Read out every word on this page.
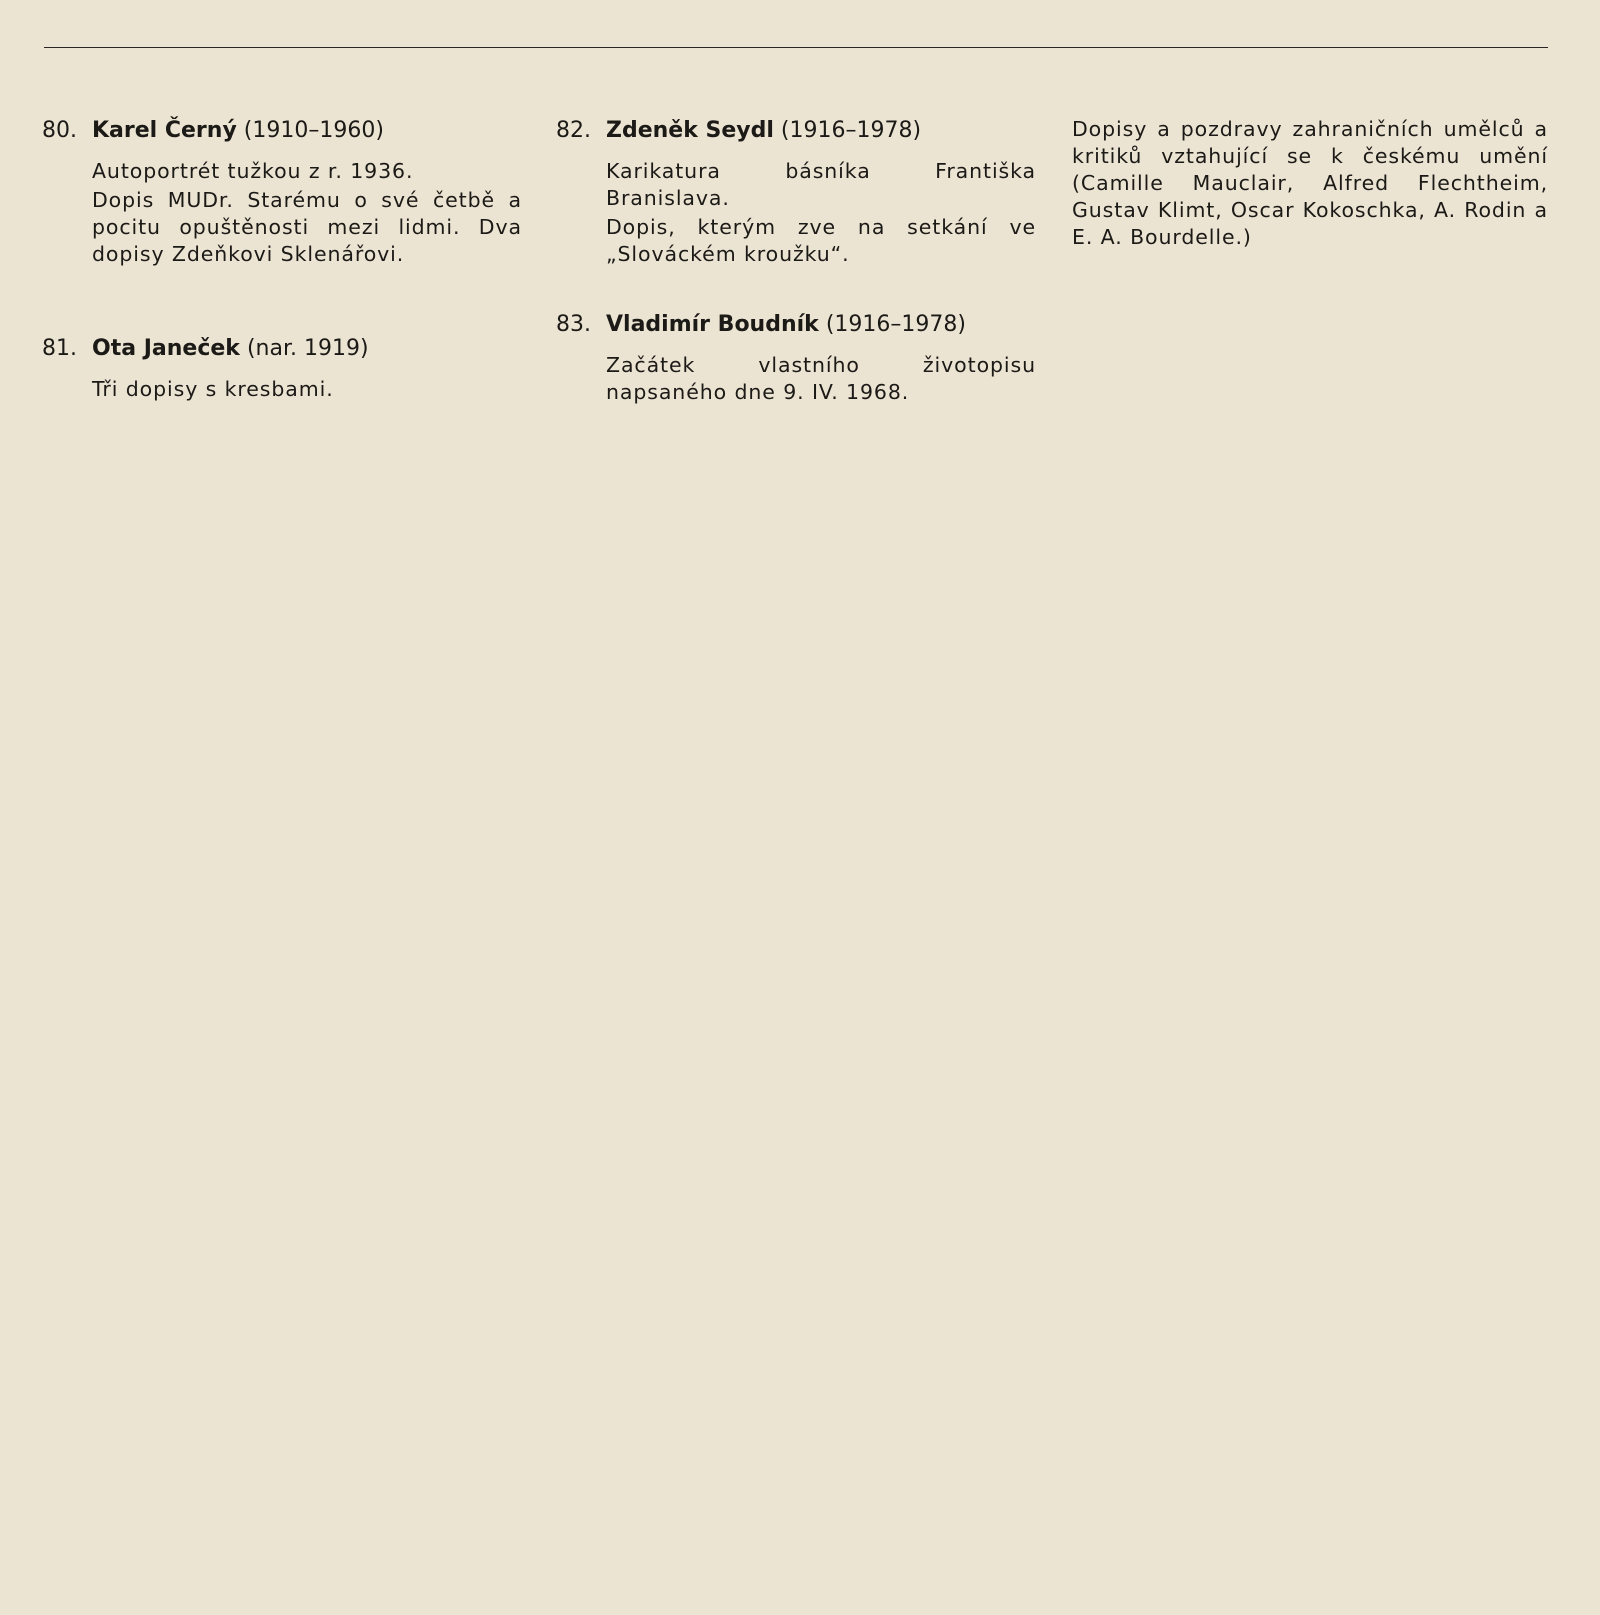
80. Karel Černý (1910–1960)

Autoportrét tužkou z r. 1936.

Dopis MUDr. Starému o své četbě a pocitu opuštěnosti mezi lidmi. Dva dopisy Zdeňkovi Sklenářovi.

81. Ota Janeček (nar. 1919)

Tři dopisy s kresbami.

82. Zdeněk Seydl (1916–1978)

Karikatura básníka Františka Branislava.

Dopis, kterým zve na setkání ve „Slováckém kroužku“.

83. Vladimír Boudník (1916–1978)

Začátek vlastního životopisu napsaného dne 9. IV. 1968.

Dopisy a pozdravy zahraničních umělců a kritiků vztahující se k českému umění (Camille Mauclair, Alfred Flechtheim, Gustav Klimt, Oscar Kokoschka, A. Rodin a E. A. Bourdelle.)
